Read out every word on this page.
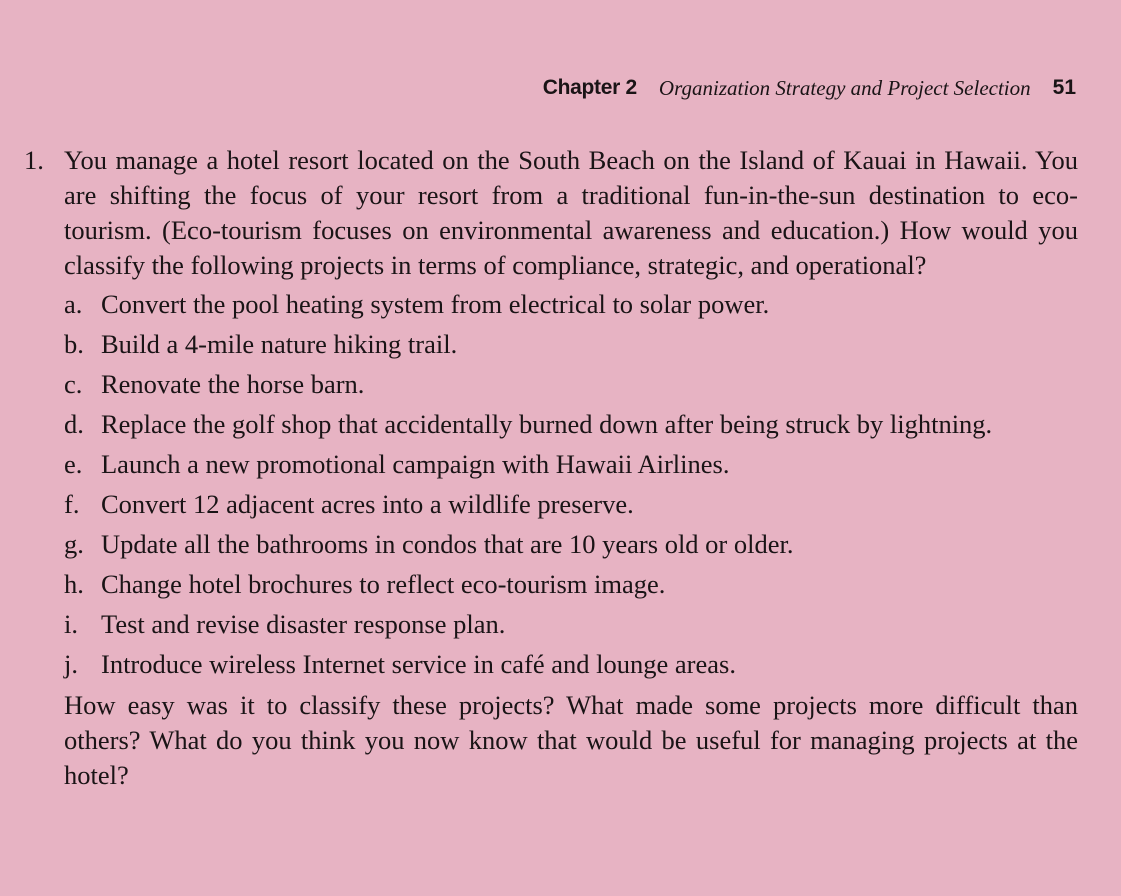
Chapter 2 Organization Strategy and Project Selection 51
1. You manage a hotel resort located on the South Beach on the Island of Kauai in Hawaii. You are shifting the focus of your resort from a traditional fun-in-the-sun destination to eco-tourism. (Eco-tourism focuses on environmental awareness and education.) How would you classify the following projects in terms of compliance, strategic, and operational?
a. Convert the pool heating system from electrical to solar power.
b. Build a 4-mile nature hiking trail.
c. Renovate the horse barn.
d. Replace the golf shop that accidentally burned down after being struck by lightning.
e. Launch a new promotional campaign with Hawaii Airlines.
f. Convert 12 adjacent acres into a wildlife preserve.
g. Update all the bathrooms in condos that are 10 years old or older.
h. Change hotel brochures to reflect eco-tourism image.
i. Test and revise disaster response plan.
j. Introduce wireless Internet service in café and lounge areas.
How easy was it to classify these projects? What made some projects more difficult than others? What do you think you now know that would be useful for managing projects at the hotel?
